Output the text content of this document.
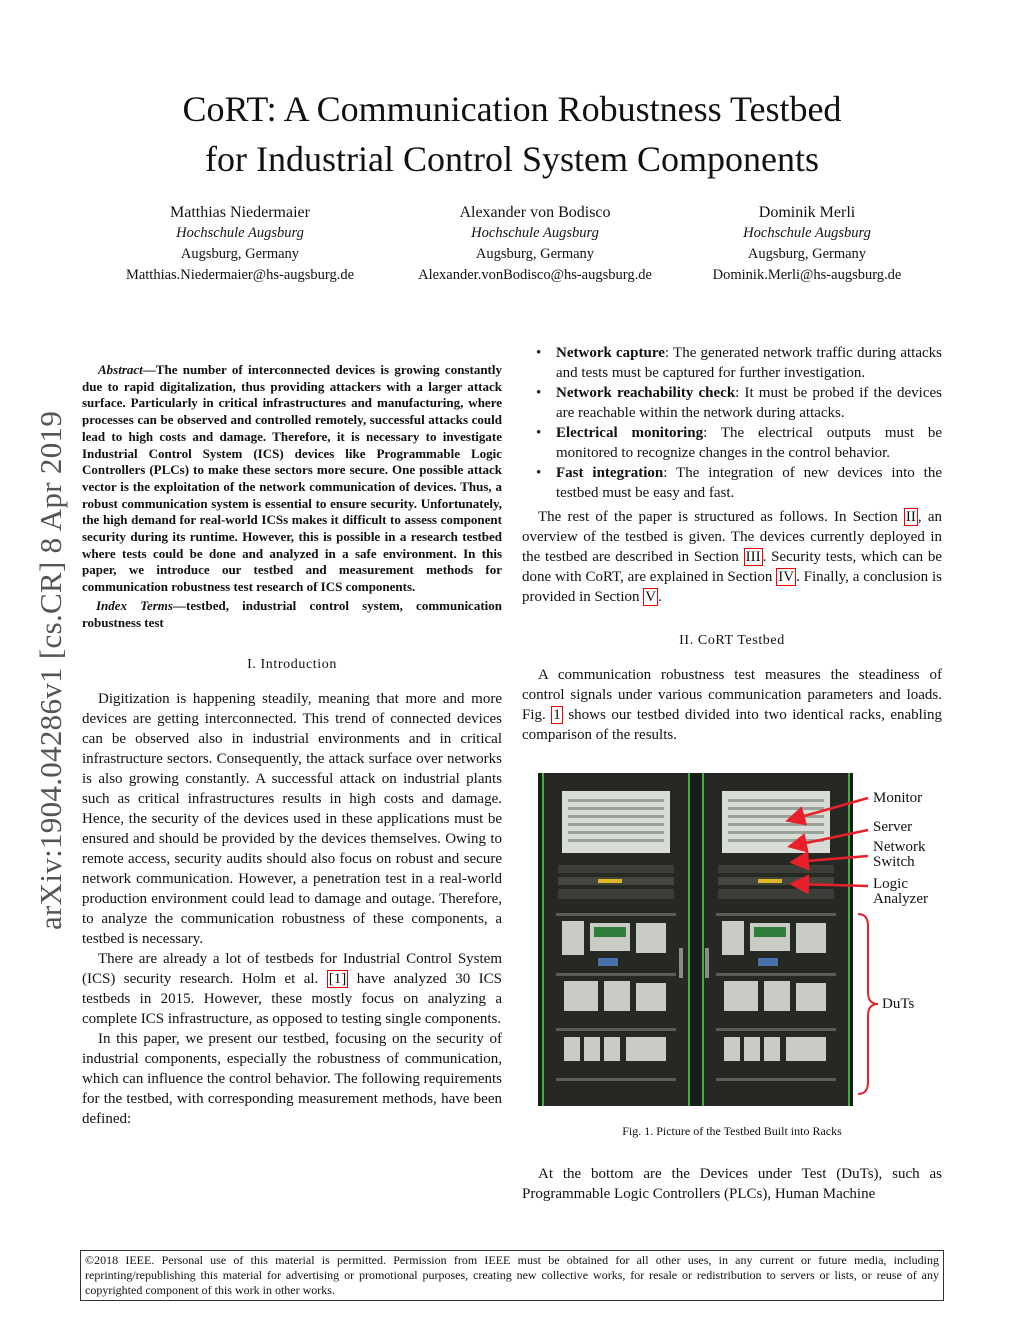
CoRT: A Communication Robustness Testbed
for Industrial Control System Components
Matthias Niedermaier
Hochschule Augsburg
Augsburg, Germany
Matthias.Niedermaier@hs-augsburg.de
Alexander von Bodisco
Hochschule Augsburg
Augsburg, Germany
Alexander.vonBodisco@hs-augsburg.de
Dominik Merli
Hochschule Augsburg
Augsburg, Germany
Dominik.Merli@hs-augsburg.de
arXiv:1904.04286v1 [cs.CR] 8 Apr 2019
Abstract—The number of interconnected devices is growing constantly due to rapid digitalization, thus providing attackers with a larger attack surface. Particularly in critical infrastructures and manufacturing, where processes can be observed and controlled remotely, successful attacks could lead to high costs and damage. Therefore, it is necessary to investigate Industrial Control System (ICS) devices like Programmable Logic Controllers (PLCs) to make these sectors more secure. One possible attack vector is the exploitation of the network communication of devices. Thus, a robust communication system is essential to ensure security. Unfortunately, the high demand for real-world ICSs makes it difficult to assess component security during its runtime. However, this is possible in a research testbed where tests could be done and analyzed in a safe environment. In this paper, we introduce our testbed and measurement methods for communication robustness test research of ICS components.
Index Terms—testbed, industrial control system, communication robustness test
I. Introduction

Digitization is happening steadily, meaning that more and more devices are getting interconnected. This trend of connected devices can be observed also in industrial environments and in critical infrastructure sectors. Consequently, the attack surface over networks is also growing constantly. A successful attack on industrial plants such as critical infrastructures results in high costs and damage. Hence, the security of the devices used in these applications must be ensured and should be provided by the devices themselves. Owing to remote access, security audits should also focus on robust and secure network communication. However, a penetration test in a real-world production environment could lead to damage and outage. Therefore, to analyze the communication robustness of these components, a testbed is necessary.

There are already a lot of testbeds for Industrial Control System (ICS) security research. Holm et al. [1] have analyzed 30 ICS testbeds in 2015. However, these mostly focus on analyzing a complete ICS infrastructure, as opposed to testing single components.

In this paper, we present our testbed, focusing on the security of industrial components, especially the robustness of communication, which can influence the control behavior. The following requirements for the testbed, with corresponding measurement methods, have been defined:

• Network capture: The generated network traffic during attacks and tests must be captured for further investigation.
• Network reachability check: It must be probed if the devices are reachable within the network during attacks.
• Electrical monitoring: The electrical outputs must be monitored to recognize changes in the control behavior.
• Fast integration: The integration of new devices into the testbed must be easy and fast.

The rest of the paper is structured as follows. In Section II , an overview of the testbed is given. The devices currently deployed in the testbed are described in Section III . Security tests, which can be done with CoRT, are explained in Section IV . Finally, a conclusion is provided in Section V .

II. CoRT Testbed

A communication robustness test measures the steadiness of control signals under various communication parameters and loads. Fig. 1 shows our testbed divided into two identical racks, enabling comparison of the results.

Monitor
Server
Network
Switch
Logic
Analyzer
DuTs
Fig. 1. Picture of the Testbed Built into Racks

At the bottom are the Devices under Test (DuTs), such as Programmable Logic Controllers (PLCs), Human Machine

©2018 IEEE. Personal use of this material is permitted. Permission from IEEE must be obtained for all other uses, in any current or future media, including reprinting/republishing this material for advertising or promotional purposes, creating new collective works, for resale or redistribution to servers or lists, or reuse of any copyrighted component of this work in other works.
